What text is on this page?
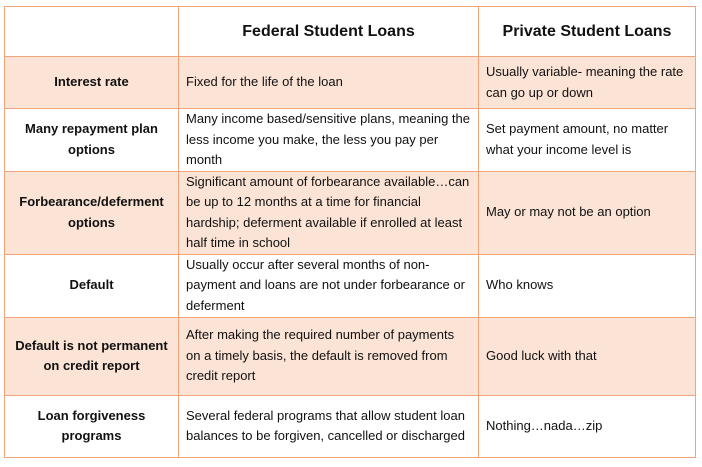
	Federal Student Loans	Private Student Loans
Interest rate	Fixed for the life of the loan	Usually variable- meaning the rate can go up or down
Many repayment plan options	Many income based/sensitive plans, meaning the less income you make, the less you pay per month	Set payment amount, no matter what your income level is
Forbearance/deferment options	Significant amount of forbearance available…can be up to 12 months at a time for financial hardship; deferment available if enrolled at least half time in school	May or may not be an option
Default	Usually occur after several months of non-payment and loans are not under forbearance or deferment	Who knows
Default is not permanent on credit report	After making the required number of payments on a timely basis, the default is removed from credit report	Good luck with that
Loan forgiveness programs	Several federal programs that allow student loan balances to be forgiven, cancelled or discharged	Nothing…nada…zip
